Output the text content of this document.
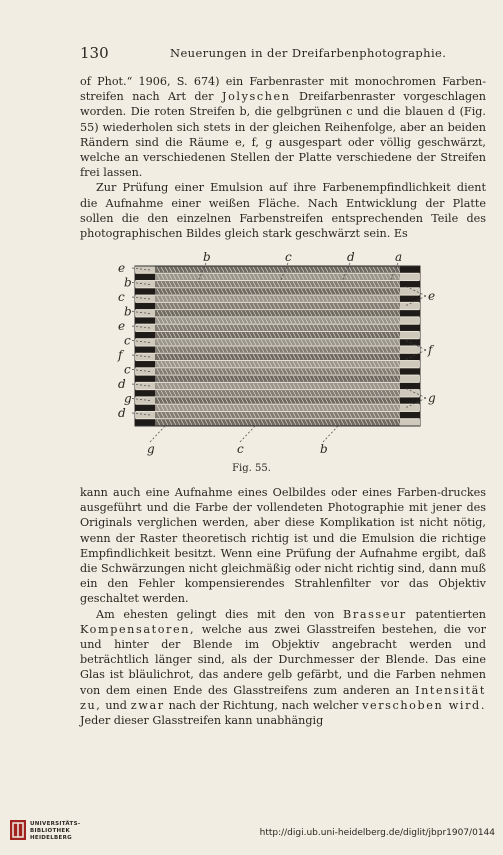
130	Neuerungen in der Dreifarbenphotographie.

of Phot.“ 1906, S. 674) ein Farbenraster mit monochromen Farben-streifen nach Art der Jolyschen Dreifarbenraster vorgeschlagen worden. Die roten Streifen b, die gelbgrünen c und die blauen d (Fig. 55) wiederholen sich stets in der gleichen Reihenfolge, aber an beiden Rändern sind die Räume e, f, g ausgespart oder völlig geschwärzt, welche an verschiedenen Stellen der Platte verschiedene der Streifen frei lassen.

Zur Prüfung einer Emulsion auf ihre Farbenempfindlichkeit dient die Aufnahme einer weißen Fläche. Nach Entwicklung der Platte sollen die den einzelnen Farbenstreifen entsprechenden Teile des photographischen Bildes gleich stark geschwärzt sein. Es

b	c	d	a
e
b
c
b
e
c
f
c
d
g
d
e
f
g
g	c	b
Fig. 55.

kann auch eine Aufnahme eines Oelbildes oder eines Farben-druckes ausgeführt und die Farbe der vollendeten Photographie mit jener des Originals verglichen werden, aber diese Komplikation ist nicht nötig, wenn der Raster theoretisch richtig ist und die Emulsion die richtige Empfindlichkeit besitzt. Wenn eine Prüfung der Aufnahme ergibt, daß die Schwärzungen nicht gleichmäßig oder nicht richtig sind, dann muß ein den Fehler kompensierendes Strahlenfilter vor das Objektiv geschaltet werden.

Am ehesten gelingt dies mit den von Brasseur patentierten Kompensatoren, welche aus zwei Glasstreifen bestehen, die vor und hinter der Blende im Objektiv angebracht werden und beträchtlich länger sind, als der Durchmesser der Blende. Das eine Glas ist bläulichrot, das andere gelb gefärbt, und die Farben nehmen von dem einen Ende des Glasstreifens zum anderen an Intensität zu, und zwar nach der Richtung, nach welcher verschoben wird. Jeder dieser Glasstreifen kann unabhängig

UNIVERSITÄTS-
BIBLIOTHEK
HEIDELBERG	http://digi.ub.uni-heidelberg.de/diglit/jbpr1907/0144
